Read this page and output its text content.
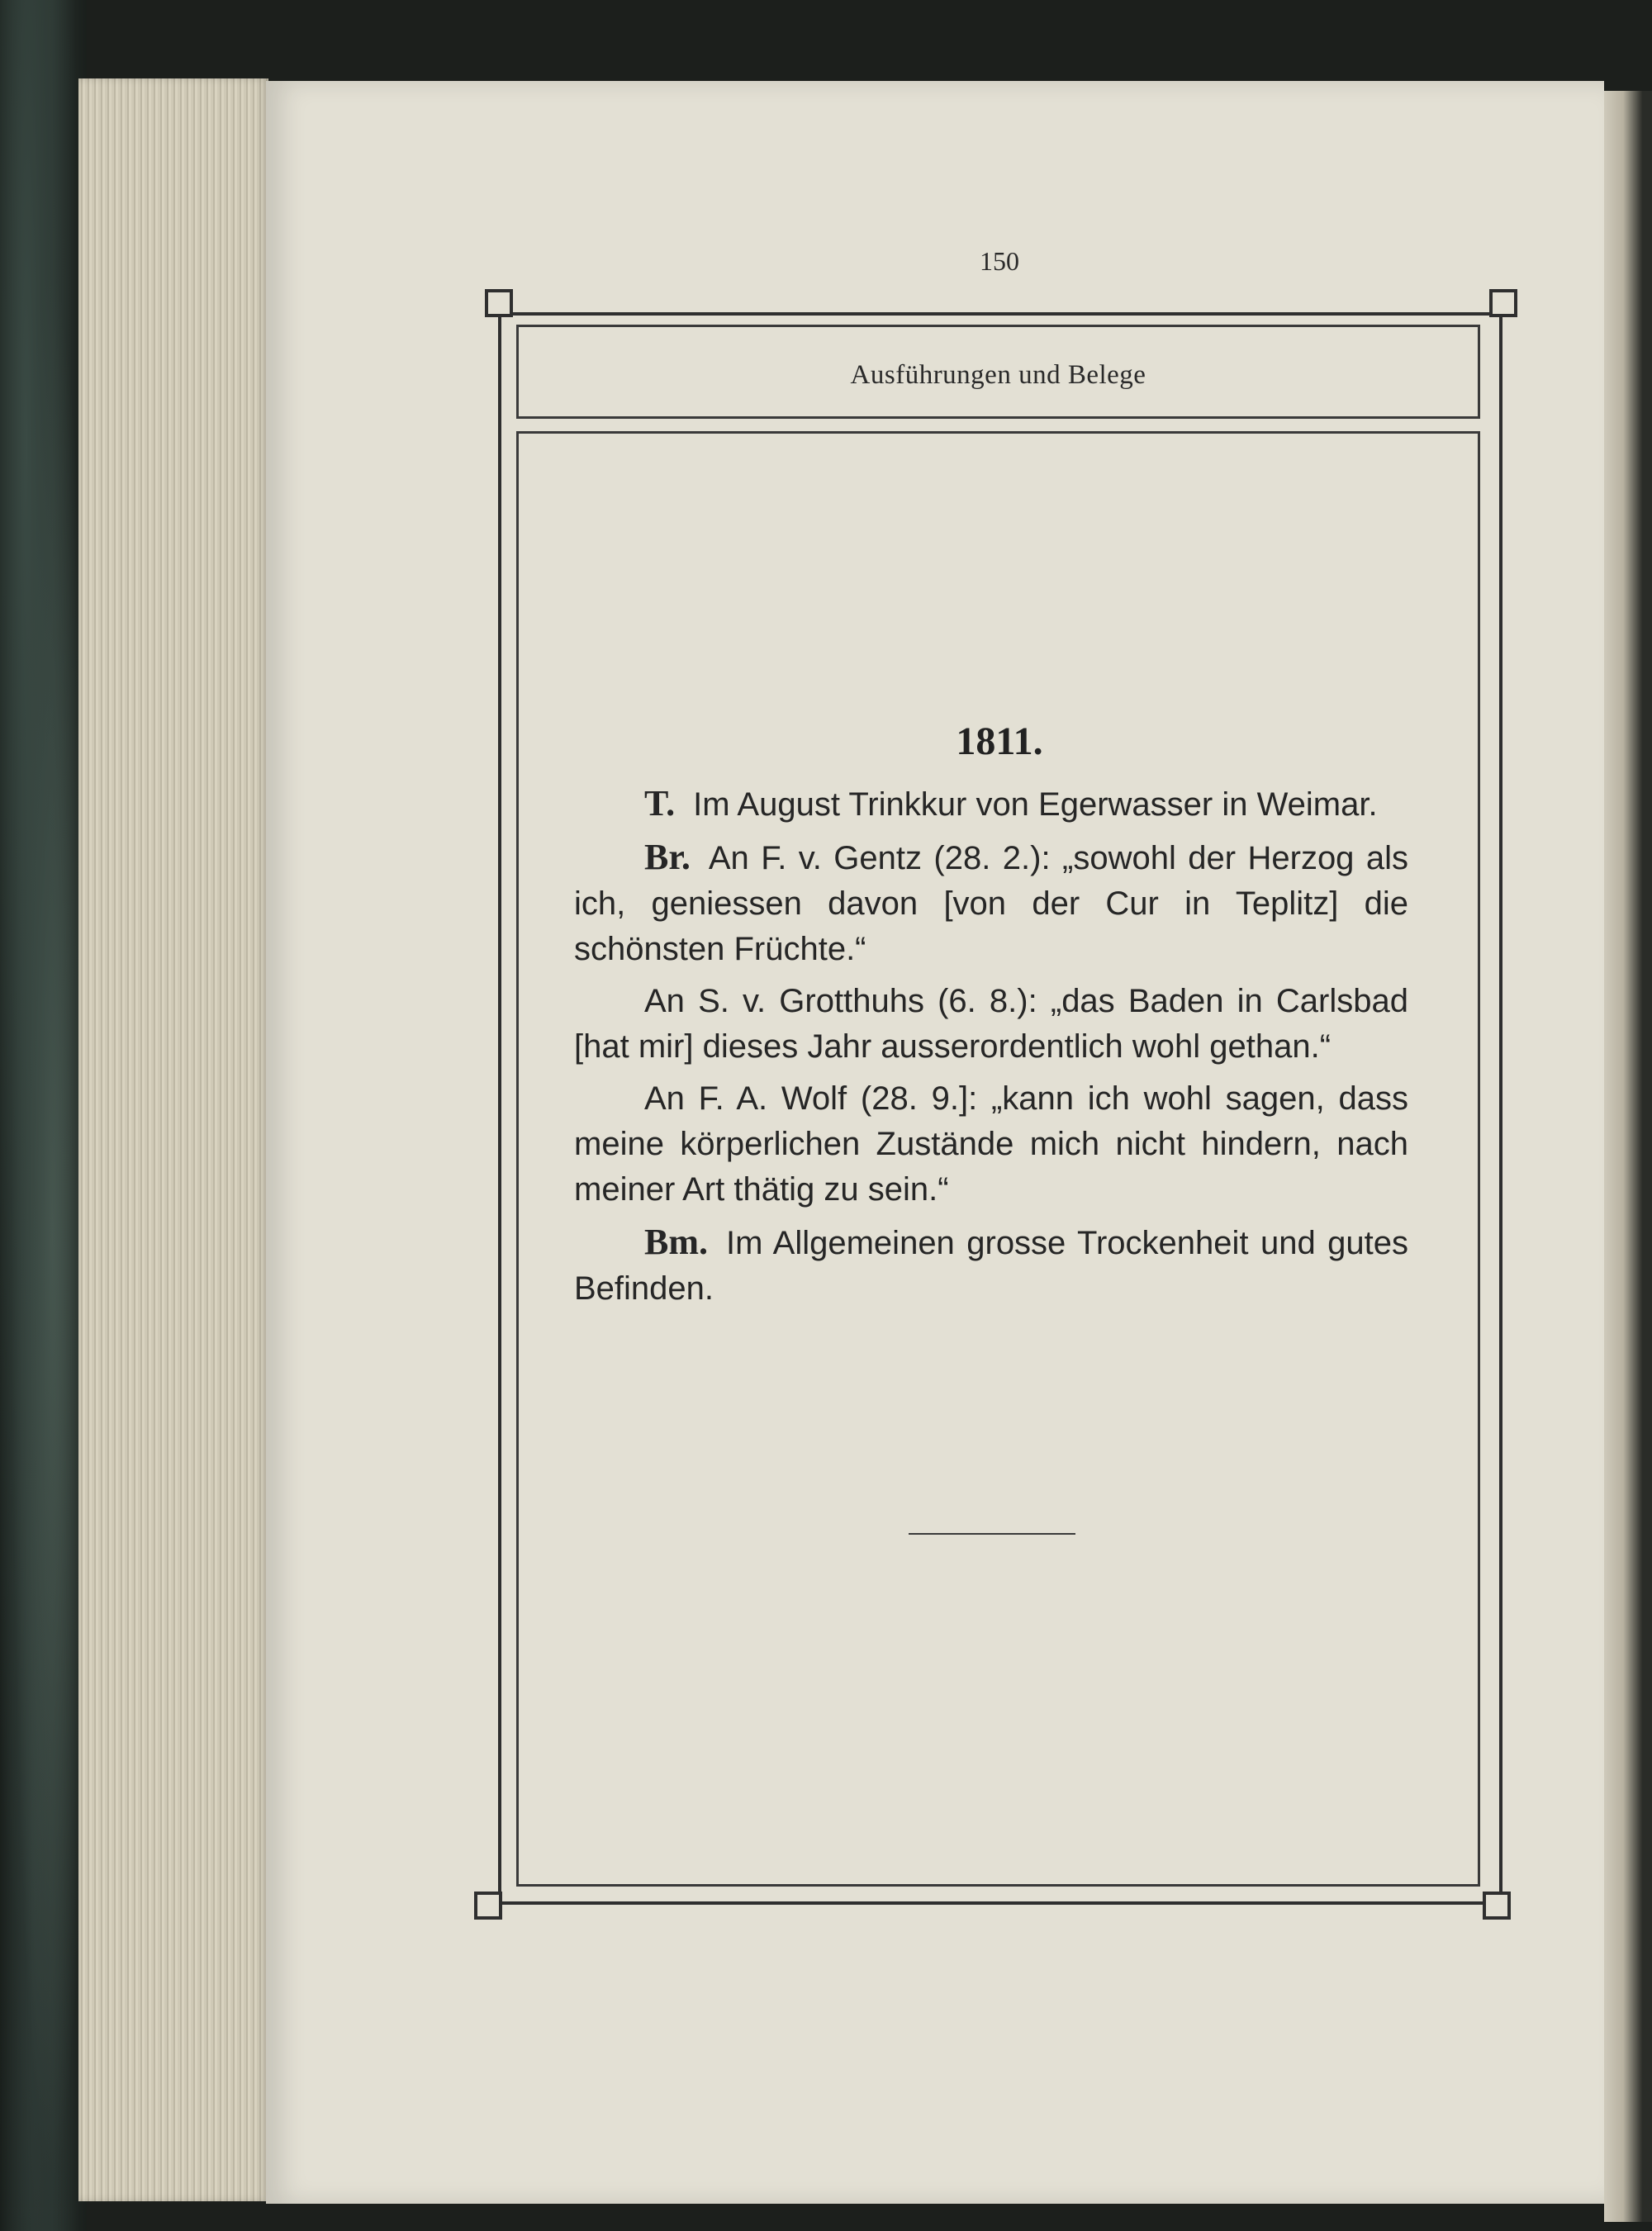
150
Ausführungen und Belege
1811.

T. Im August Trinkkur von Egerwasser in Weimar.

Br. An F. v. Gentz (28. 2.): „sowohl der Herzog als ich, geniessen davon [von der Cur in Teplitz] die schönsten Früchte.“

An S. v. Grotthuhs (6. 8.): „das Baden in Carlsbad [hat mir] dieses Jahr ausserordentlich wohl gethan.“

An F. A. Wolf (28. 9.]: „kann ich wohl sagen, dass meine körperlichen Zustände mich nicht hindern, nach meiner Art thätig zu sein.“

Bm. Im Allgemeinen grosse Trockenheit und gutes Befinden.
